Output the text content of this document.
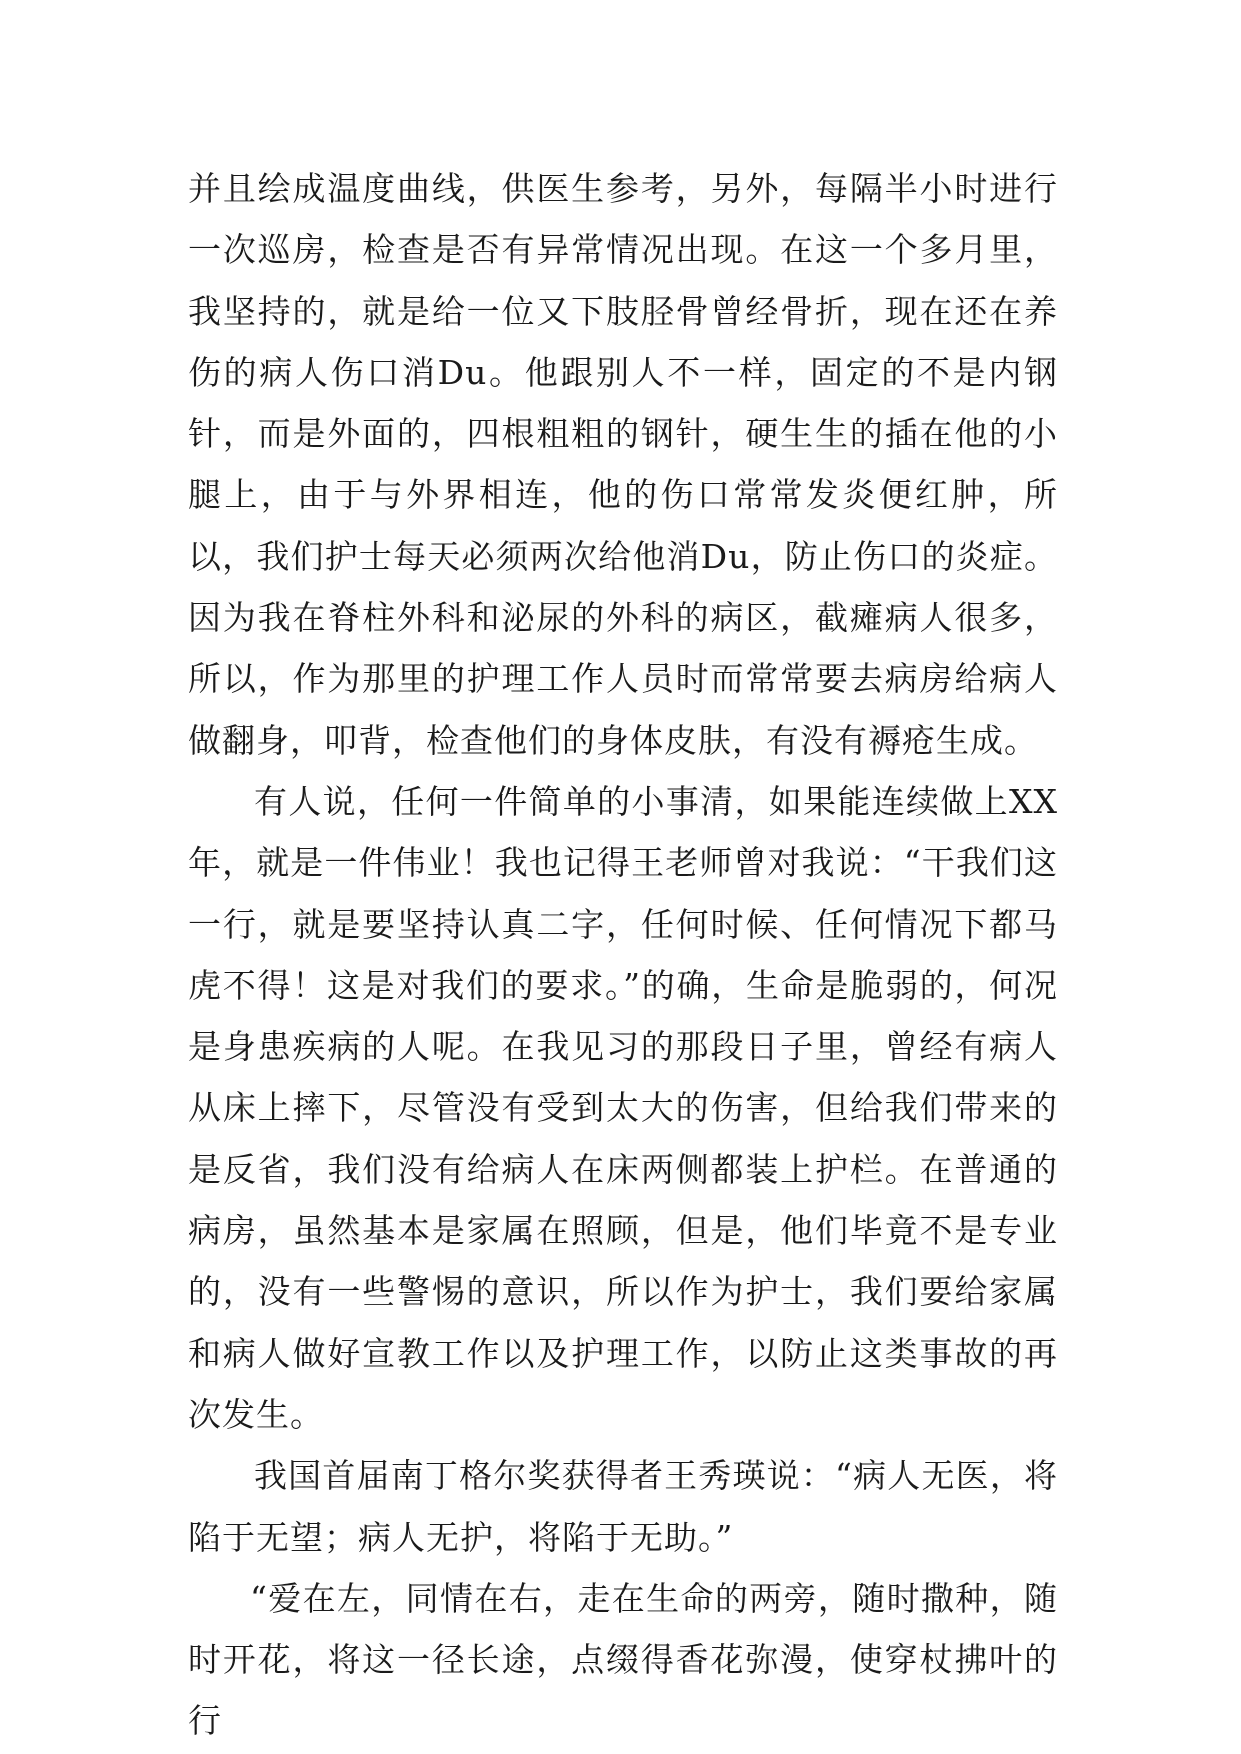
并且绘成温度曲线，供医生参考，另外，每隔半小时进行一次巡房，检查是否有异常情况出现。在这一个多月里，我坚持的，就是给一位又下肢胫骨曾经骨折，现在还在养伤的病人伤口消Du。他跟别人不一样，固定的不是内钢针，而是外面的，四根粗粗的钢针，硬生生的插在他的小腿上，由于与外界相连，他的伤口常常发炎便红肿，所以，我们护士每天必须两次给他消Du，防止伤口的炎症。因为我在脊柱外科和泌尿的外科的病区，截瘫病人很多，所以，作为那里的护理工作人员时而常常要去病房给病人做翻身，叩背，检查他们的身体皮肤，有没有褥疮生成。

有人说，任何一件简单的小事清，如果能连续做上XX年，就是一件伟业！我也记得王老师曾对我说：“干我们这一行，就是要坚持认真二字，任何时候、任何情况下都马虎不得！这是对我们的要求。”的确，生命是脆弱的，何况是身患疾病的人呢。在我见习的那段日子里，曾经有病人从床上摔下，尽管没有受到太大的伤害，但给我们带来的是反省，我们没有给病人在床两侧都装上护栏。在普通的病房，虽然基本是家属在照顾，但是，他们毕竟不是专业的，没有一些警惕的意识，所以作为护士，我们要给家属和病人做好宣教工作以及护理工作，以防止这类事故的再次发生。

我国首届南丁格尔奖获得者王秀瑛说：“病人无医，将陷于无望；病人无护，将陷于无助。”

“爱在左，同情在右，走在生命的两旁，随时撒种，随时开花，将这一径长途，点缀得香花弥漫，使穿杖拂叶的行
